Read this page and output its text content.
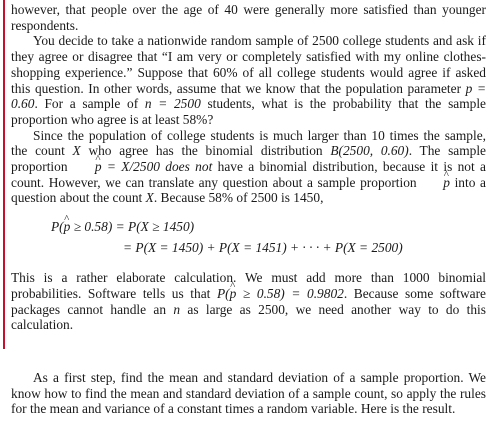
however, that people over the age of 40 were generally more satisfied than younger respondents.

You decide to take a nationwide random sample of 2500 college students and ask if they agree or disagree that “I am very or completely satisfied with my online clothes-shopping experience.” Suppose that 60% of all college students would agree if asked this question. In other words, assume that we know that the population parameter p = 0.60. For a sample of n = 2500 students, what is the probability that the sample proportion who agree is at least 58%?

Since the population of college students is much larger than 10 times the sample, the count X who agree has the binomial distribution B(2500, 0.60). The sample proportion ^ p = X/2500 does not have a binomial distribution, because it is not a count. However, we can translate any question about a sample proportion ^ p into a question about the count X. Because 58% of 2500 is 1450,

P(^ p ≥ 0.58) = P(X ≥ 1450)
= P(X = 1450) + P(X = 1451) + · · · + P(X = 2500)

This is a rather elaborate calculation. We must add more than 1000 binomial probabilities. Software tells us that P(^ p ≥ 0.58) = 0.9802. Because some software packages cannot handle an n as large as 2500, we need another way to do this calculation.

As a first step, find the mean and standard deviation of a sample proportion. We know how to find the mean and standard deviation of a sample count, so apply the rules for the mean and variance of a constant times a random variable. Here is the result.
